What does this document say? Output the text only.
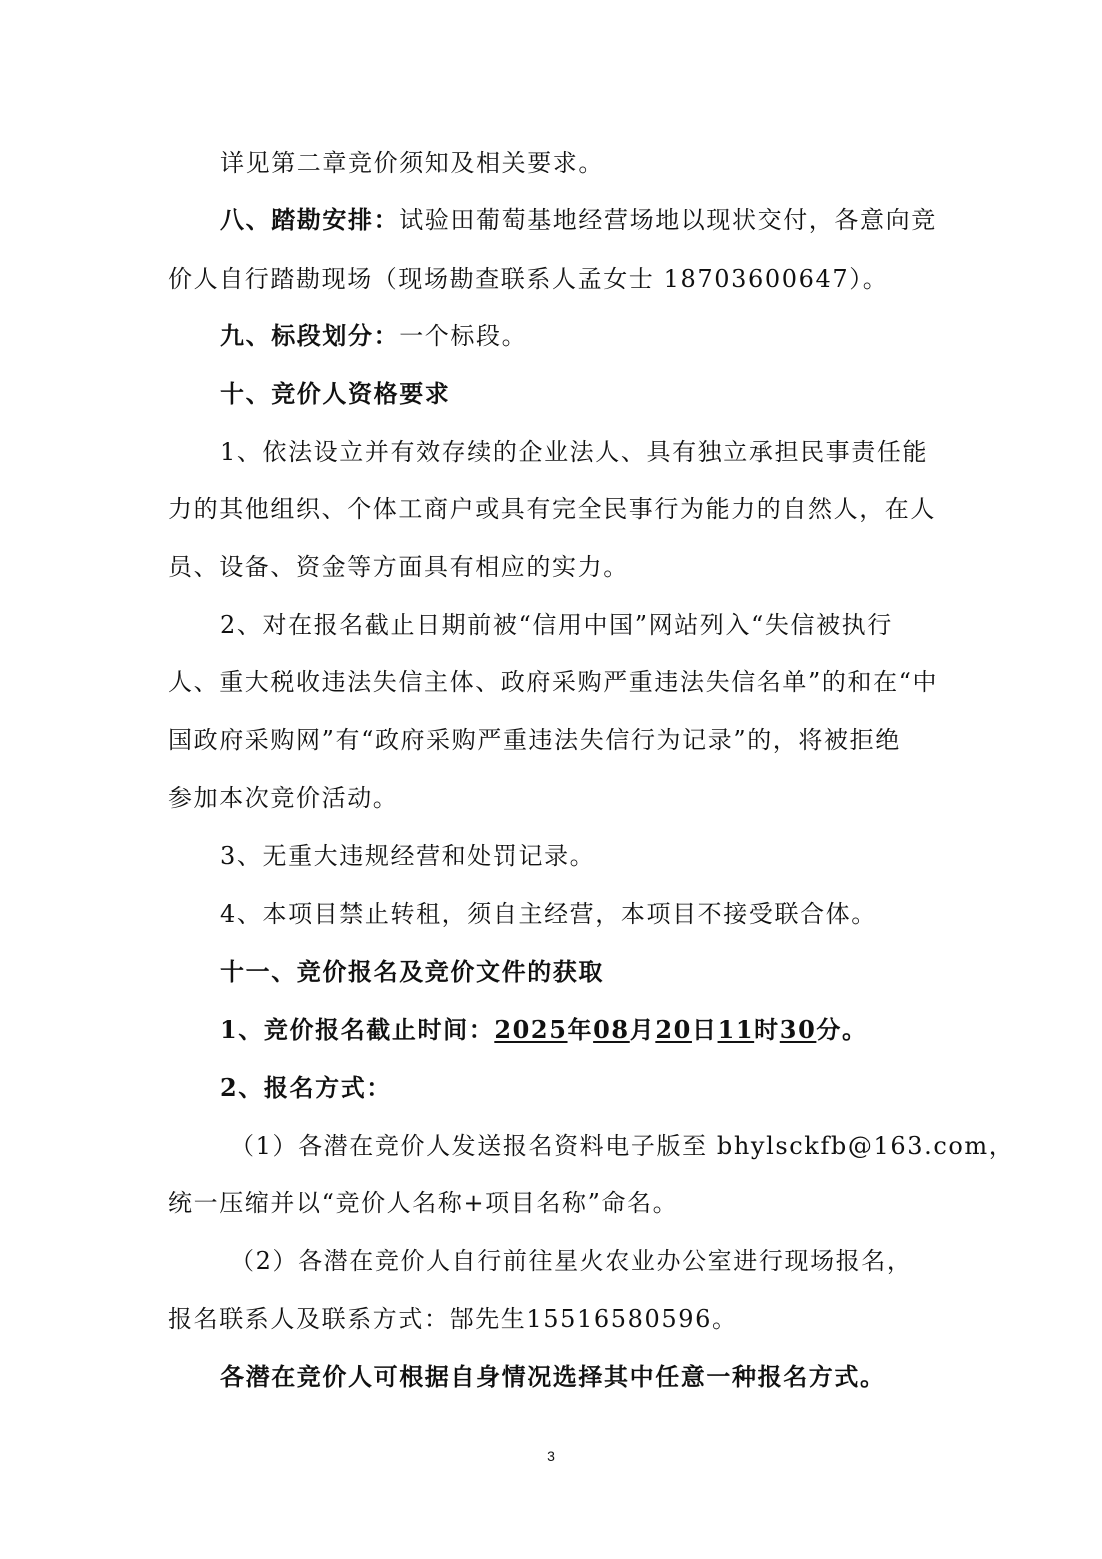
详见第二章竞价须知及相关要求。
八、踏勘安排：试验田葡萄基地经营场地以现状交付，各意向竞
价人自行踏勘现场（现场勘查联系人孟女士 18703600647）。
九、标段划分：一个标段。
十、竞价人资格要求
1、依法设立并有效存续的企业法人、具有独立承担民事责任能
力的其他组织、个体工商户或具有完全民事行为能力的自然人，在人
员、设备、资金等方面具有相应的实力。
2、对在报名截止日期前被“信用中国”网站列入“失信被执行
人、重大税收违法失信主体、政府采购严重违法失信名单”的和在“中
国政府采购网”有“政府采购严重违法失信行为记录”的，将被拒绝
参加本次竞价活动。
3、无重大违规经营和处罚记录。
4、本项目禁止转租，须自主经营，本项目不接受联合体。
十一、竞价报名及竞价文件的获取
1、竞价报名截止时间：2025年08月20日11时30分。
2、报名方式：
（1）各潜在竞价人发送报名资料电子版至 bhylsckfb@163.com，
统一压缩并以“竞价人名称+项目名称”命名。
（2）各潜在竞价人自行前往星火农业办公室进行现场报名，
报名联系人及联系方式：郜先生15516580596。
各潜在竞价人可根据自身情况选择其中任意一种报名方式。
3
